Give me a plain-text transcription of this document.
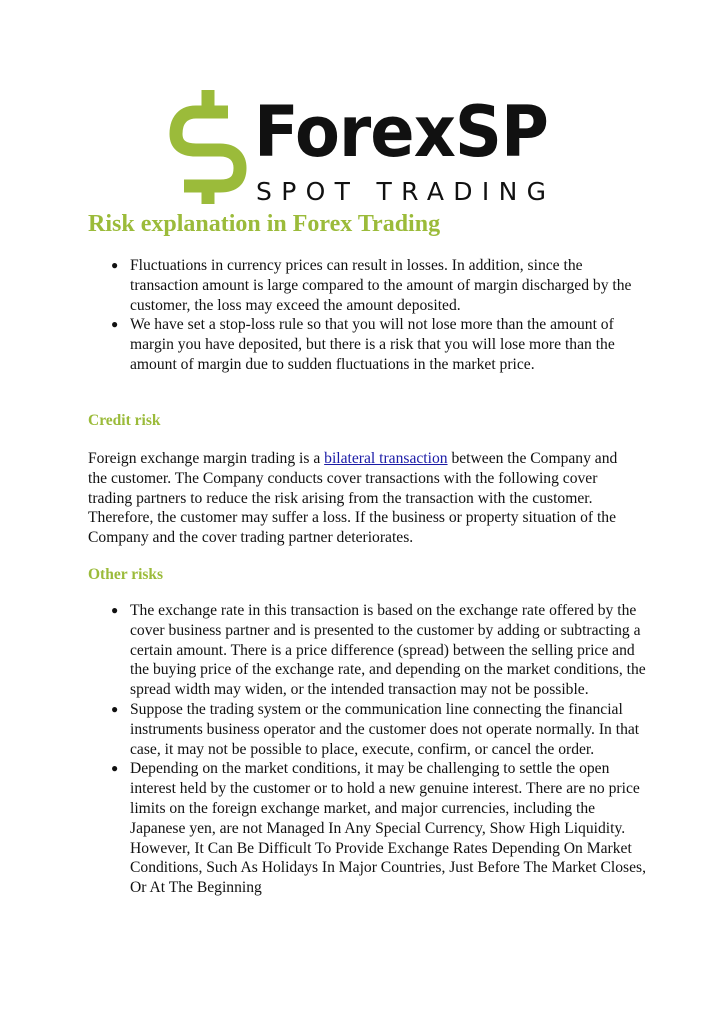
ForexSP
SPOT TRADING
Risk explanation in Forex Trading
● Fluctuations in currency prices can result in losses. In addition, since the transaction amount is large compared to the amount of margin discharged by the customer, the loss may exceed the amount deposited.
● We have set a stop-loss rule so that you will not lose more than the amount of margin you have deposited, but there is a risk that you will lose more than the amount of margin due to sudden fluctuations in the market price.
Credit risk

Foreign exchange margin trading is a bilateral transaction between the Company and the customer. The Company conducts cover transactions with the following cover trading partners to reduce the risk arising from the transaction with the customer. Therefore, the customer may suffer a loss. If the business or property situation of the Company and the cover trading partner deteriorates.

Other risks
● The exchange rate in this transaction is based on the exchange rate offered by the cover business partner and is presented to the customer by adding or subtracting a certain amount. There is a price difference (spread) between the selling price and the buying price of the exchange rate, and depending on the market conditions, the spread width may widen, or the intended transaction may not be possible.
● Suppose the trading system or the communication line connecting the financial instruments business operator and the customer does not operate normally. In that case, it may not be possible to place, execute, confirm, or cancel the order.
● Depending on the market conditions, it may be challenging to settle the open interest held by the customer or to hold a new genuine interest. There are no price limits on the foreign exchange market, and major currencies, including the Japanese yen, are not Managed In Any Special Currency, Show High Liquidity. However, It Can Be Difficult To Provide Exchange Rates Depending On Market Conditions, Such As Holidays In Major Countries, Just Before The Market Closes, Or At The Beginning
